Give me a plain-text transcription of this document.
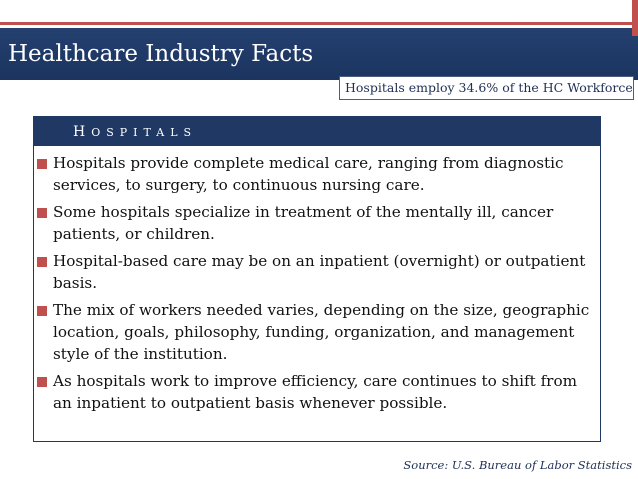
Healthcare Industry Facts
Hospitals employ 34.6% of the HC Workforce
HOSPITALS
Hospitals provide complete medical care, ranging from diagnostic services, to surgery, to continuous nursing care.
Some hospitals specialize in treatment of the mentally ill, cancer patients, or children.
Hospital-based care may be on an inpatient (overnight) or outpatient basis.
The mix of workers needed varies, depending on the size, geographic location, goals, philosophy, funding, organization, and management style of the institution.
As hospitals work to improve efficiency, care continues to shift from an inpatient to outpatient basis whenever possible.
Source: U.S. Bureau of Labor Statistics
